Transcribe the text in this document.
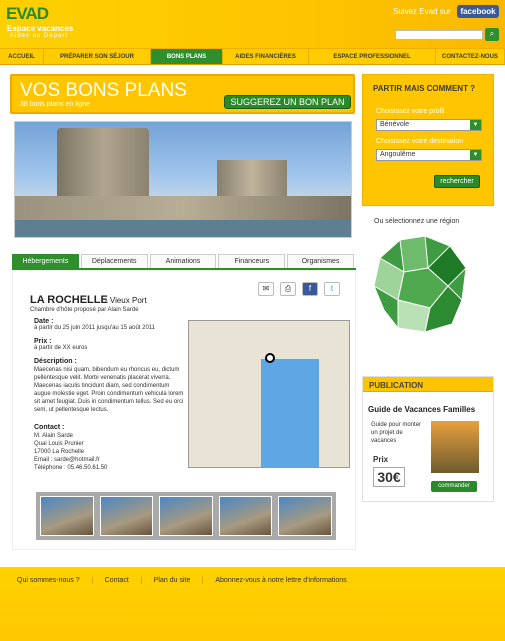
EVAD
Espace vacances
Aides au Départ
Suivez Evad sur	facebook
⌕
ACCUEIL	PRÉPARER SON SÉJOUR	BONS PLANS	AIDES FINANCIÈRES	ESPACE PROFESSIONNEL	CONTACTEZ-NOUS
VOS BONS PLANS
38 bons plans en ligne	SUGGEREZ UN BON PLAN
Hébergements	Déplacements	Animations	Financeurs	Organismes
✉	⎙	f	t
LA ROCHELLE
- Vieux Port
Chambre d'hôte proposé par Alain Sarde
Date :
à partir du 25 juin 2011 jusqu'au 15 août 2011
Prix :
à partir de XX euros
Déscription :
Maecenas nisi quam, bibendum eu rhoncus eu, dictum pellentesque velit. Morbi venenatis placerat viverra. Maecenas iaculis tincidunt diam, sed condimentum augue molestie eget. Proin condimentum vehicula lorem sit amet feugiat. Duis in condimentum tellus. Sed eu orci sem, ut pellentesque lectus.
Contact :
M. Alain Sarde
Quai Louis Prunier
17000 La Rochelle
Email : sarde@hotmail.fr
Téléphone : 05.46.50.61.50
PARTIR MAIS COMMENT ?
Choisissez votre profil
Bénévole	▼
Choisissez votre destination
Angoulême	▼
rechercher
Ou sélectionnez une région
PUBLICATION
Guide de Vacances Familles
Guide pour monter un projet de vacances
Prix
30€
commander
Qui sommes-nous ?	Contact	Plan du site	Abonnez-vous à notre lettre d'informations
